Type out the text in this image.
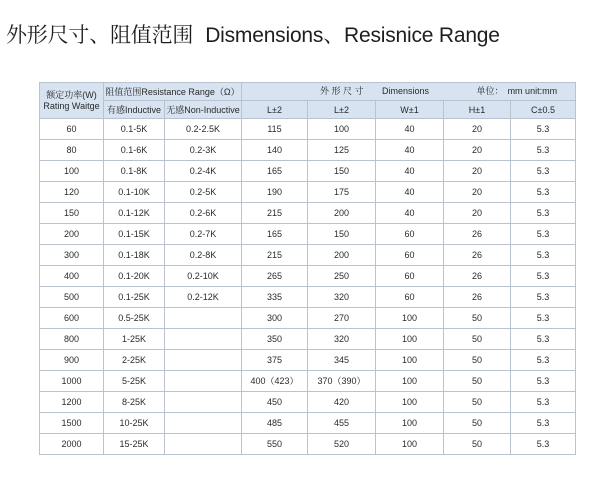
外形尺寸、阻值范围 Dismensions、Resisnice Range
额定功率(W)
Rating Waitge	阻值范围Resistance Range（Ω）		外 形 尺 寸 Dimensions 单位： mm unit:mm				

	有感Inductive	无感Non-Inductive	L±2	L±2	W±1	H±1	C±0.5
60	0.1-5K	0.2-2.5K	115	100	40	20	5.3
80	0.1-6K	0.2-3K	140	125	40	20	5.3
100	0.1-8K	0.2-4K	165	150	40	20	5.3
120	0.1-10K	0.2-5K	190	175	40	20	5.3
150	0.1-12K	0.2-6K	215	200	40	20	5.3
200	0.1-15K	0.2-7K	165	150	60	26	5.3
300	0.1-18K	0.2-8K	215	200	60	26	5.3
400	0.1-20K	0.2-10K	265	250	60	26	5.3
500	0.1-25K	0.2-12K	335	320	60	26	5.3
600	0.5-25K		300	270	100	50	5.3
800	1-25K		350	320	100	50	5.3
900	2-25K		375	345	100	50	5.3
1000	5-25K		400（423）	370（390）	100	50	5.3
1200	8-25K		450	420	100	50	5.3
1500	10-25K		485	455	100	50	5.3
2000	15-25K		550	520	100	50	5.3
